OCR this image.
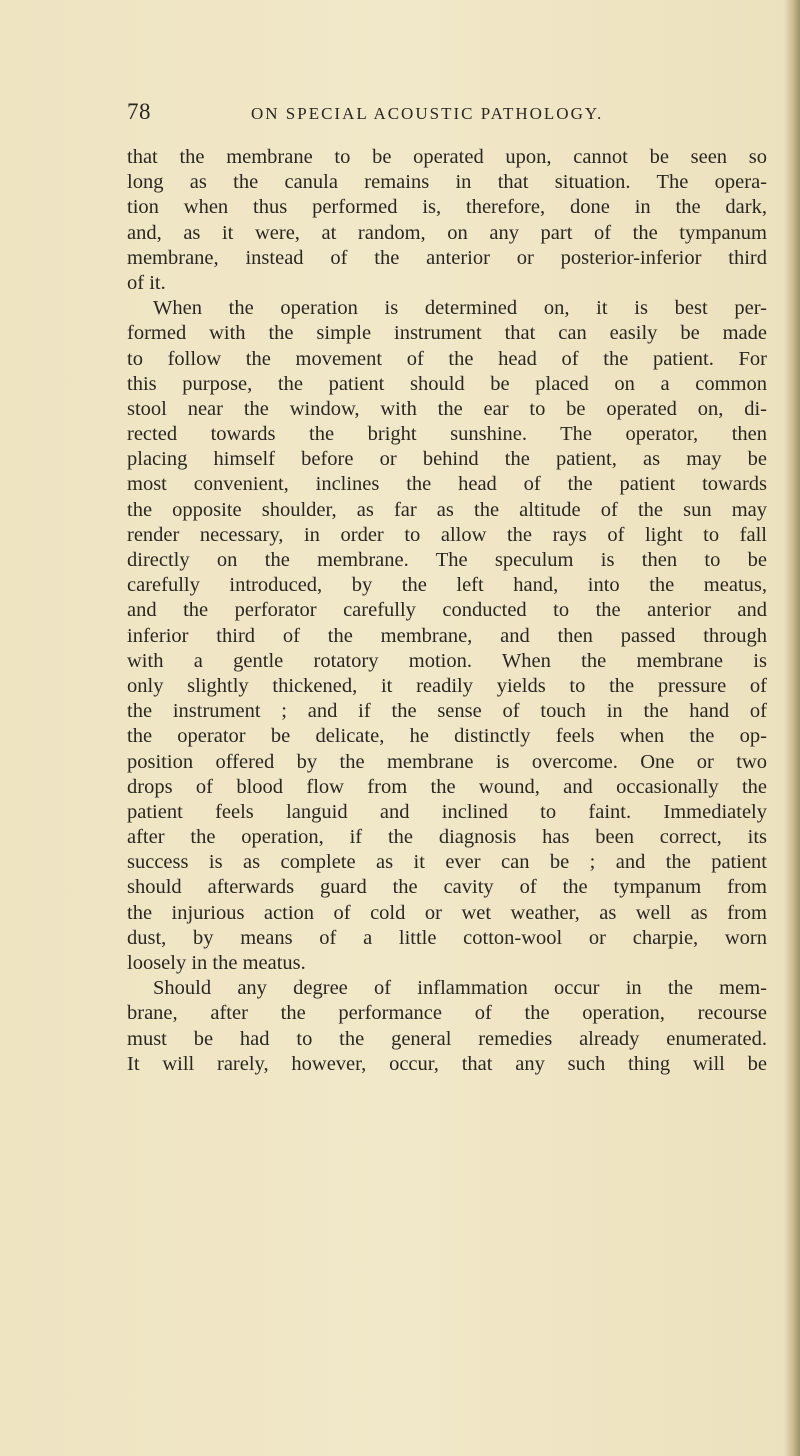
78	ON SPECIAL ACOUSTIC PATHOLOGY.
that the membrane to be operated upon, cannot be seen so
long as the canula remains in that situation. The opera-
tion when thus performed is, therefore, done in the dark,
and, as it were, at random, on any part of the tympanum
membrane, instead of the anterior or posterior-inferior third
of it.
When the operation is determined on, it is best per-
formed with the simple instrument that can easily be made
to follow the movement of the head of the patient. For
this purpose, the patient should be placed on a common
stool near the window, with the ear to be operated on, di-
rected towards the bright sunshine. The operator, then
placing himself before or behind the patient, as may be
most convenient, inclines the head of the patient towards
the opposite shoulder, as far as the altitude of the sun may
render necessary, in order to allow the rays of light to fall
directly on the membrane. The speculum is then to be
carefully introduced, by the left hand, into the meatus,
and the perforator carefully conducted to the anterior and
inferior third of the membrane, and then passed through
with a gentle rotatory motion. When the membrane is
only slightly thickened, it readily yields to the pressure of
the instrument ; and if the sense of touch in the hand of
the operator be delicate, he distinctly feels when the op-
position offered by the membrane is overcome. One or two
drops of blood flow from the wound, and occasionally the
patient feels languid and inclined to faint. Immediately
after the operation, if the diagnosis has been correct, its
success is as complete as it ever can be ; and the patient
should afterwards guard the cavity of the tympanum from
the injurious action of cold or wet weather, as well as from
dust, by means of a little cotton-wool or charpie, worn
loosely in the meatus.
Should any degree of inflammation occur in the mem-
brane, after the performance of the operation, recourse
must be had to the general remedies already enumerated.
It will rarely, however, occur, that any such thing will be
